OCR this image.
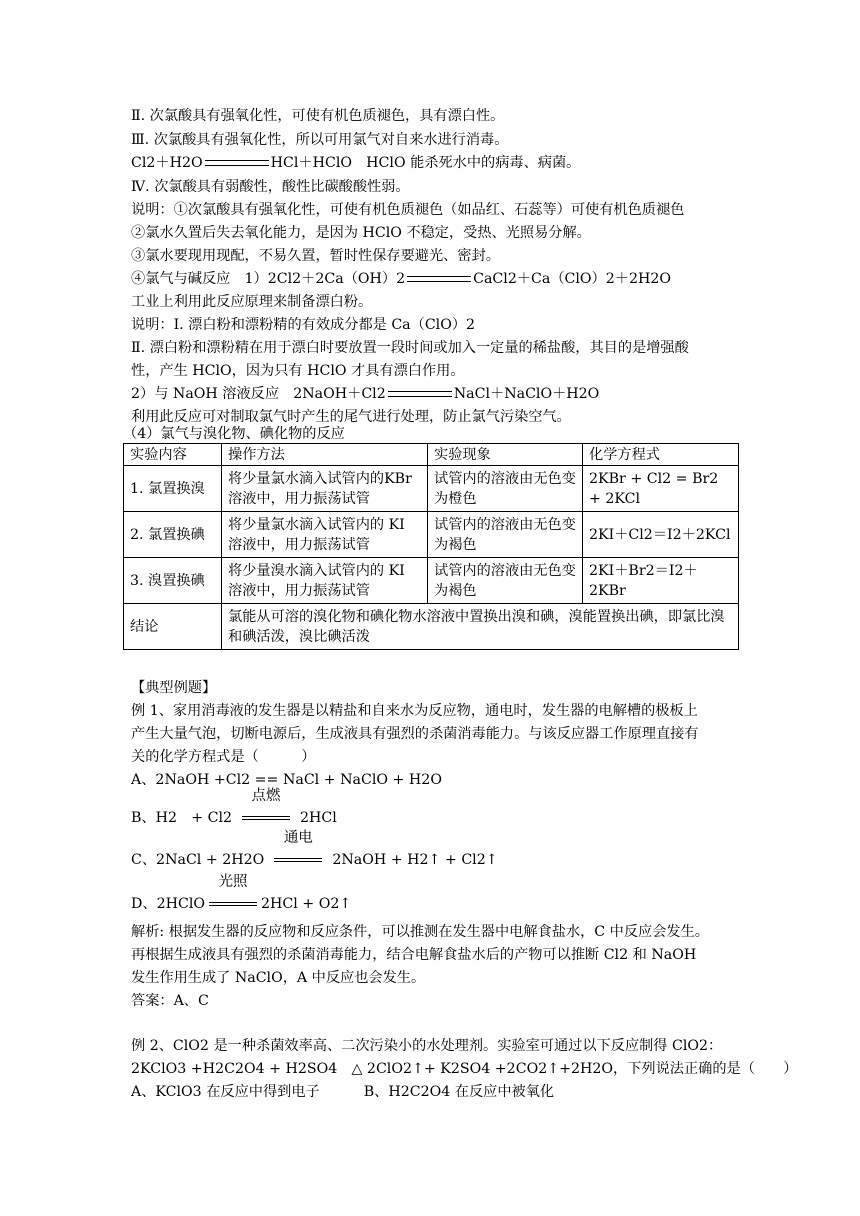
Ⅱ. 次氯酸具有强氧化性，可使有机色质褪色，具有漂白性。
Ⅲ. 次氯酸具有强氧化性，所以可用氯气对自来水进行消毒。
Cl2＋H2O	HCl＋HClO　HClO 能杀死水中的病毒、病菌。
Ⅳ. 次氯酸具有弱酸性，酸性比碳酸酸性弱。
说明：①次氯酸具有强氧化性，可使有机色质褪色（如品红、石蕊等）可使有机色质褪色
②氯水久置后失去氧化能力，是因为 HClO 不稳定，受热、光照易分解。
③氯水要现用现配，不易久置，暂时性保存要避光、密封。
④氯气与碱反应　1）2Cl2＋2Ca（OH）2	CaCl2＋Ca（ClO）2＋2H2O
工业上利用此反应原理来制备漂白粉。
说明：Ⅰ. 漂白粉和漂粉精的有效成分都是 Ca（ClO）2
Ⅱ. 漂白粉和漂粉精在用于漂白时要放置一段时间或加入一定量的稀盐酸，其目的是增强酸
性，产生 HClO，因为只有 HClO 才具有漂白作用。
2）与 NaOH 溶液反应　2NaOH＋Cl2	NaCl＋NaClO＋H2O
利用此反应可对制取氯气时产生的尾气进行处理，防止氯气污染空气。
（4）氯气与溴化物、碘化物的反应
实验内容	操作方法	实验现象	化学方程式
1. 氯置换溴	将少量氯水滴入试管内的KBr溶液中，用力振荡试管	试管内的溶液由无色变为橙色	2KBr + Cl2 = Br2 + 2KCl
2. 氯置换碘	将少量氯水滴入试管内的 KI 溶液中，用力振荡试管	试管内的溶液由无色变为褐色	2KI＋Cl2＝I2＋2KCl
3. 溴置换碘	将少量溴水滴入试管内的 KI 溶液中，用力振荡试管	试管内的溶液由无色变为褐色	2KI＋Br2＝I2＋2KBr
结论	氯能从可溶的溴化物和碘化物水溶液中置换出溴和碘，溴能置换出碘，即氯比溴和碘活泼，溴比碘活泼		
【典型例题】
例 1、家用消毒液的发生器是以精盐和自来水为反应物，通电时，发生器的电解槽的极板上
产生大量气泡，切断电源后，生成液具有强烈的杀菌消毒能力。与该反应器工作原理直接有
关的化学方程式是（　　　）
A、2NaOH +Cl2 == NaCl + NaClO + H2O
B、H2　+ Cl2
点燃
2HCl
C、2NaCl + 2H2O
通电
2NaOH + H2↑ + Cl2↑
D、2HClO
光照
2HCl + O2↑
解析: 根据发生器的反应物和反应条件，可以推测在发生器中电解食盐水，C 中反应会发生。
再根据生成液具有强烈的杀菌消毒能力，结合电解食盐水后的产物可以推断 Cl2 和 NaOH
发生作用生成了 NaClO，A 中反应也会发生。
答案：A、C
例 2、ClO2 是一种杀菌效率高、二次污染小的水处理剂。实验室可通过以下反应制得 ClO2：
2KClO3 +H2C2O4 + H2SO4　△ 2ClO2↑+ K2SO4 +2CO2↑+2H2O，下列说法正确的是（　　）
A、KClO3 在反应中得到电子	B、H2C2O4 在反应中被氧化
